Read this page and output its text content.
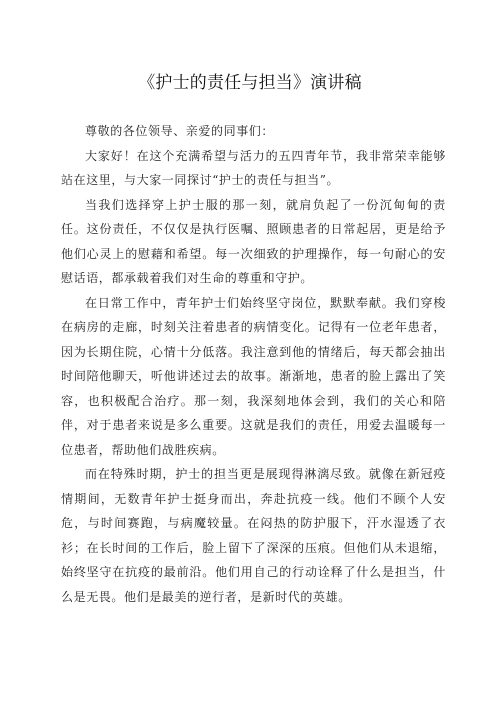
《护士的责任与担当》演讲稿

尊敬的各位领导、亲爱的同事们：

大家好！在这个充满希望与活力的五四青年节，我非常荣幸能够站在这里，与大家一同探讨“护士的责任与担当”。

当我们选择穿上护士服的那一刻，就肩负起了一份沉甸甸的责任。这份责任，不仅仅是执行医嘱、照顾患者的日常起居，更是给予他们心灵上的慰藉和希望。每一次细致的护理操作，每一句耐心的安慰话语，都承载着我们对生命的尊重和守护。

在日常工作中，青年护士们始终坚守岗位，默默奉献。我们穿梭在病房的走廊，时刻关注着患者的病情变化。记得有一位老年患者，因为长期住院，心情十分低落。我注意到他的情绪后，每天都会抽出时间陪他聊天，听他讲述过去的故事。渐渐地，患者的脸上露出了笑容，也积极配合治疗。那一刻，我深刻地体会到，我们的关心和陪伴，对于患者来说是多么重要。这就是我们的责任，用爱去温暖每一位患者，帮助他们战胜疾病。

而在特殊时期，护士的担当更是展现得淋漓尽致。就像在新冠疫情期间，无数青年护士挺身而出，奔赴抗疫一线。他们不顾个人安危，与时间赛跑，与病魔较量。在闷热的防护服下，汗水湿透了衣衫；在长时间的工作后，脸上留下了深深的压痕。但他们从未退缩，始终坚守在抗疫的最前沿。他们用自己的行动诠释了什么是担当，什么是无畏。他们是最美的逆行者，是新时代的英雄。
